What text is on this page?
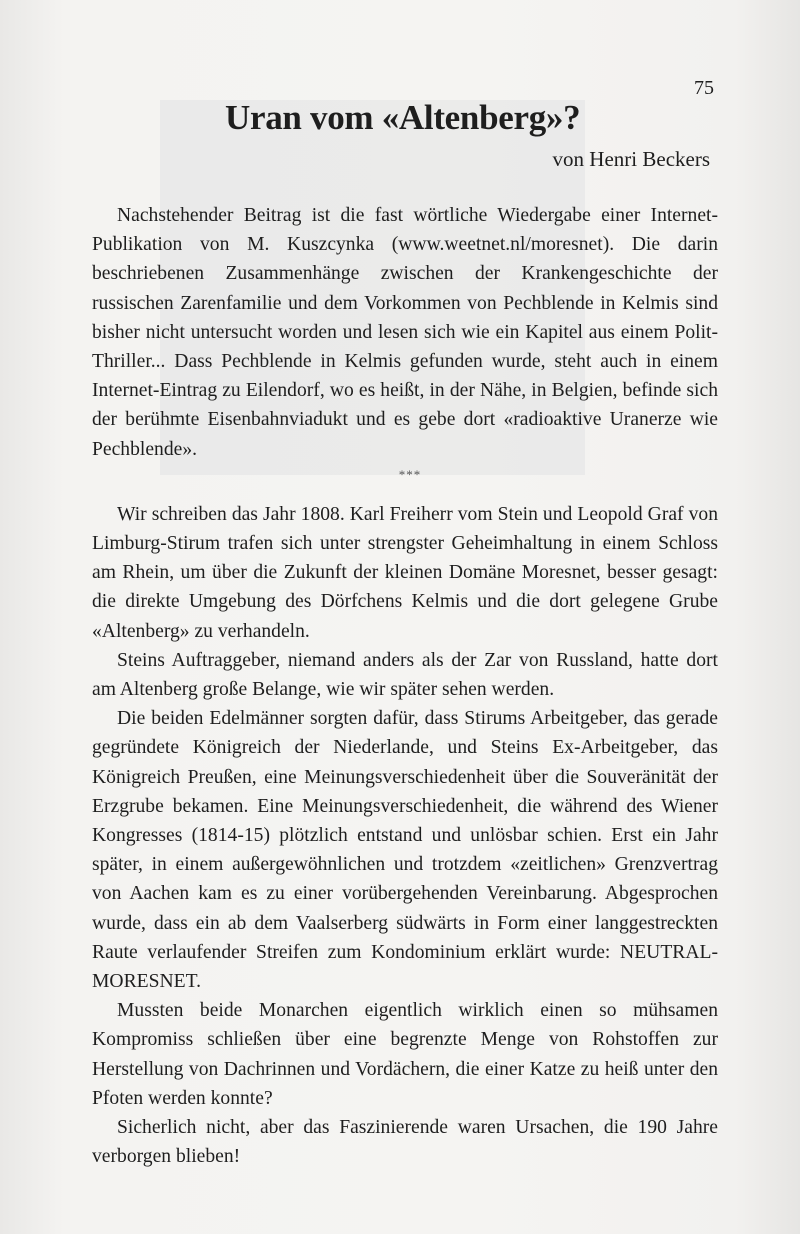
75
Uran vom «Altenberg»?
von Henri Beckers

Nachstehender Beitrag ist die fast wörtliche Wiedergabe einer Internet-Publikation von M. Kuszcynka (www.weetnet.nl/moresnet). Die darin beschriebenen Zusammenhänge zwischen der Krankengeschichte der russischen Zarenfamilie und dem Vorkommen von Pechblende in Kelmis sind bisher nicht untersucht worden und lesen sich wie ein Kapitel aus einem Polit-Thriller... Dass Pechblende in Kelmis gefunden wurde, steht auch in einem Internet-Eintrag zu Eilendorf, wo es heißt, in der Nähe, in Belgien, befinde sich der berühmte Eisenbahnviadukt und es gebe dort «radioaktive Uranerze wie Pechblende».

***

Wir schreiben das Jahr 1808. Karl Freiherr vom Stein und Leopold Graf von Limburg-Stirum trafen sich unter strengster Geheimhaltung in einem Schloss am Rhein, um über die Zukunft der kleinen Domäne Moresnet, besser gesagt: die direkte Umgebung des Dörfchens Kelmis und die dort gelegene Grube «Altenberg» zu verhandeln.

Steins Auftraggeber, niemand anders als der Zar von Russland, hatte dort am Altenberg große Belange, wie wir später sehen werden.

Die beiden Edelmänner sorgten dafür, dass Stirums Arbeitgeber, das gerade gegründete Königreich der Niederlande, und Steins Ex-Arbeitgeber, das Königreich Preußen, eine Meinungsverschiedenheit über die Souveränität der Erzgrube bekamen. Eine Meinungsverschiedenheit, die während des Wiener Kongresses (1814-15) plötzlich entstand und unlösbar schien. Erst ein Jahr später, in einem außergewöhnlichen und trotzdem «zeitlichen» Grenzvertrag von Aachen kam es zu einer vorübergehenden Vereinbarung. Abgesprochen wurde, dass ein ab dem Vaalserberg südwärts in Form einer langgestreckten Raute verlaufender Streifen zum Kondominium erklärt wurde: NEUTRAL-MORESNET.

Mussten beide Monarchen eigentlich wirklich einen so mühsamen Kompromiss schließen über eine begrenzte Menge von Rohstoffen zur Herstellung von Dachrinnen und Vordächern, die einer Katze zu heiß unter den Pfoten werden konnte?

Sicherlich nicht, aber das Faszinierende waren Ursachen, die 190 Jahre verborgen blieben!
